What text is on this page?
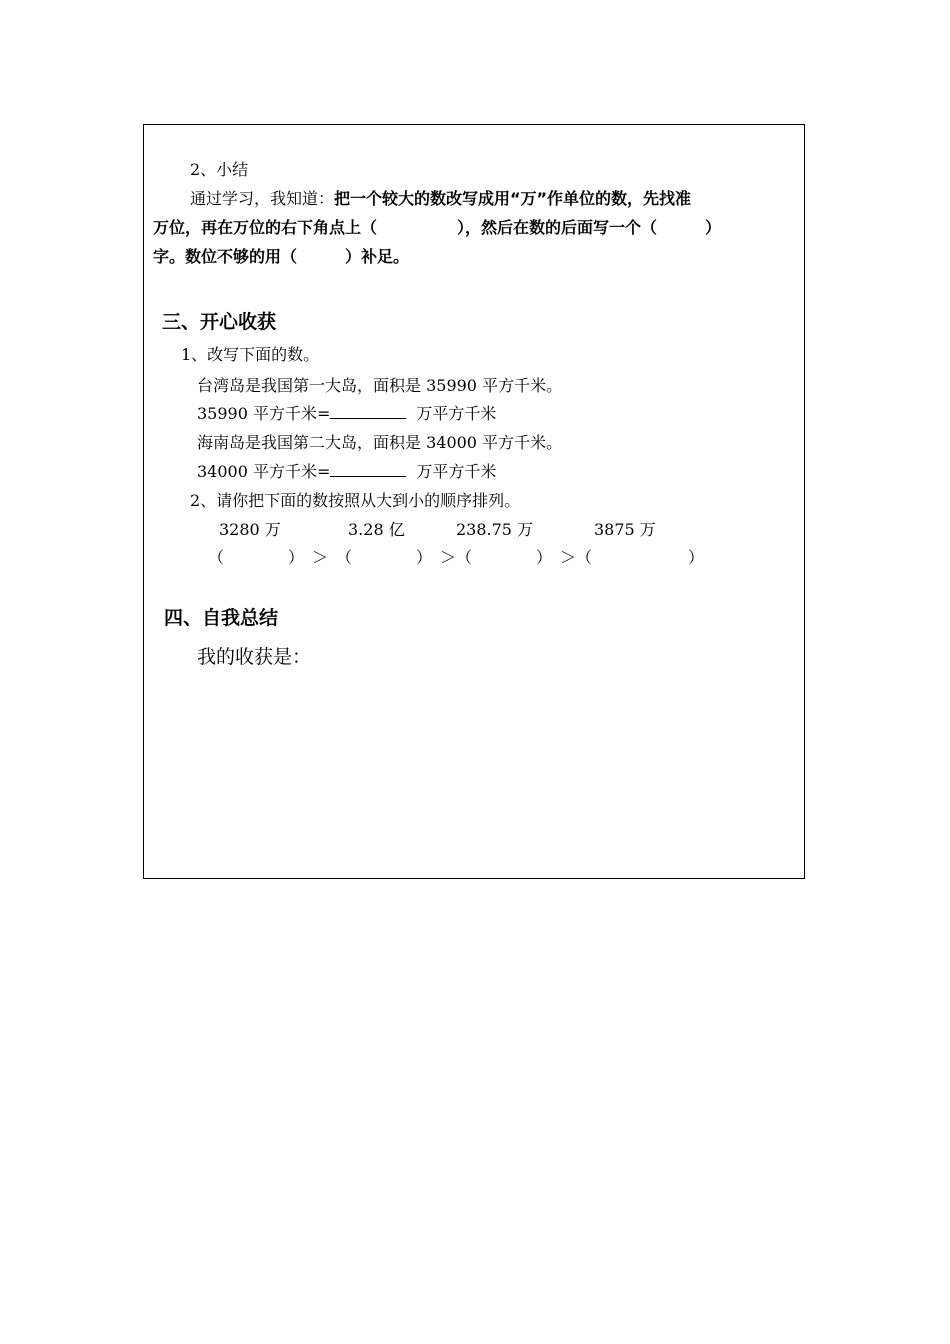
2、小结
通过学习，我知道：把一个较大的数改写成用“万”作单位的数，先找准
万位，再在万位的右下角点上（　　　　　），然后在数的后面写一个（　　　）
字。数位不够的用（　　　）补足。
三、开心收获
1、改写下面的数。
台湾岛是我国第一大岛，面积是 35990 平方千米。
35990 平方千米=	万平方千米
海南岛是我国第二大岛，面积是 34000 平方千米。
34000 平方千米=	万平方千米
2、请你把下面的数按照从大到小的顺序排列。
3280 万	3.28 亿	238.75 万	3875 万
（　　　　）　＞　（　　　　）　＞（　　　　）　＞（　　　　　　）
四、自我总结
我的收获是：
